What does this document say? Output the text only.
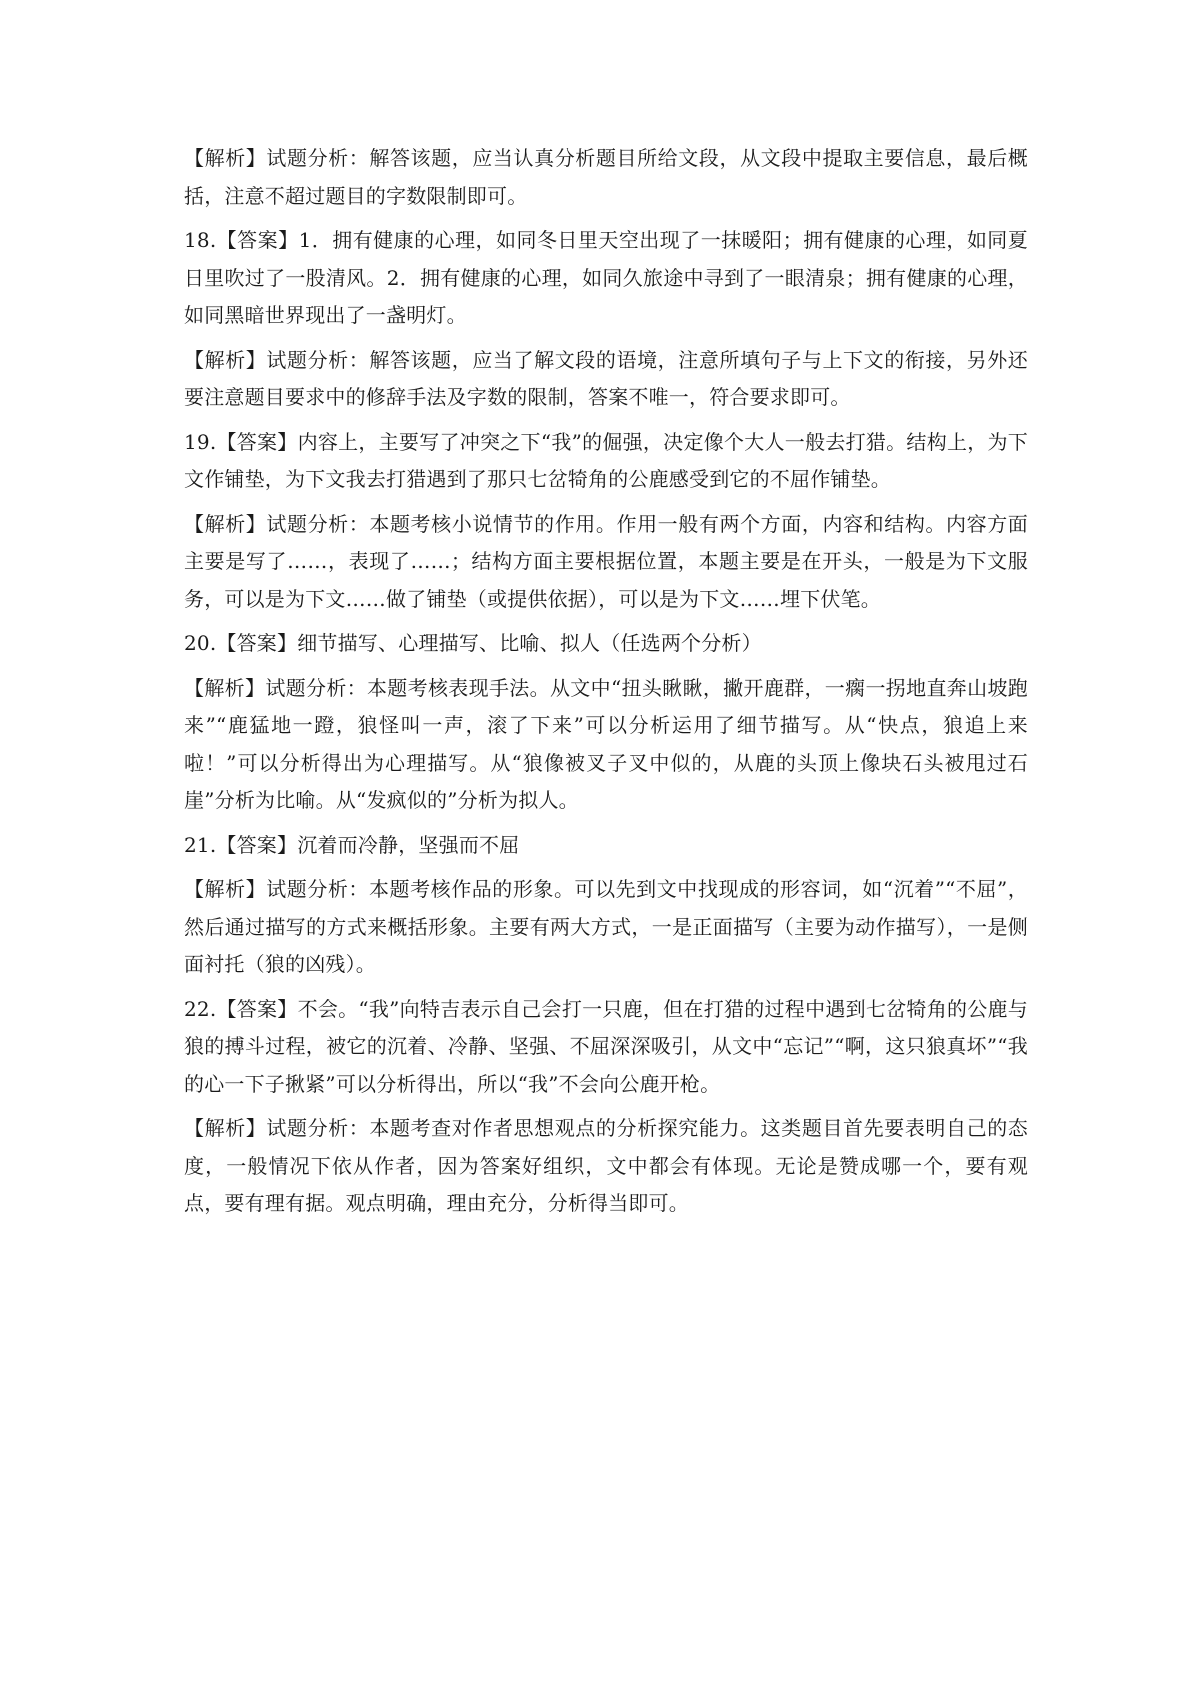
【解析】试题分析：解答该题，应当认真分析题目所给文段，从文段中提取主要信息，最后概括，注意不超过题目的字数限制即可。

18.【答案】1．拥有健康的心理，如同冬日里天空出现了一抹暖阳；拥有健康的心理，如同夏日里吹过了一股清风。2．拥有健康的心理，如同久旅途中寻到了一眼清泉；拥有健康的心理，如同黑暗世界现出了一盏明灯。

【解析】试题分析：解答该题，应当了解文段的语境，注意所填句子与上下文的衔接，另外还要注意题目要求中的修辞手法及字数的限制，答案不唯一，符合要求即可。

19.【答案】内容上，主要写了冲突之下“我”的倔强，决定像个大人一般去打猎。结构上，为下文作铺垫，为下文我去打猎遇到了那只七岔犄角的公鹿感受到它的不屈作铺垫。

【解析】试题分析：本题考核小说情节的作用。作用一般有两个方面，内容和结构。内容方面主要是写了……，表现了……；结构方面主要根据位置，本题主要是在开头，一般是为下文服务，可以是为下文……做了铺垫（或提供依据），可以是为下文……埋下伏笔。

20.【答案】细节描写、心理描写、比喻、拟人（任选两个分析）

【解析】试题分析：本题考核表现手法。从文中“扭头瞅瞅，撇开鹿群，一瘸一拐地直奔山坡跑来”“鹿猛地一蹬，狼怪叫一声，滚了下来”可以分析运用了细节描写。从“快点，狼追上来啦！”可以分析得出为心理描写。从“狼像被叉子叉中似的，从鹿的头顶上像块石头被甩过石崖”分析为比喻。从“发疯似的”分析为拟人。

21.【答案】沉着而冷静，坚强而不屈

【解析】试题分析：本题考核作品的形象。可以先到文中找现成的形容词，如“沉着”“不屈”，然后通过描写的方式来概括形象。主要有两大方式，一是正面描写（主要为动作描写），一是侧面衬托（狼的凶残）。

22.【答案】不会。“我”向特吉表示自己会打一只鹿，但在打猎的过程中遇到七岔犄角的公鹿与狼的搏斗过程，被它的沉着、冷静、坚强、不屈深深吸引，从文中“忘记”“啊，这只狼真坏”“我的心一下子揪紧”可以分析得出，所以“我”不会向公鹿开枪。

【解析】试题分析：本题考查对作者思想观点的分析探究能力。这类题目首先要表明自己的态度，一般情况下依从作者，因为答案好组织，文中都会有体现。无论是赞成哪一个，要有观点，要有理有据。观点明确，理由充分，分析得当即可。
